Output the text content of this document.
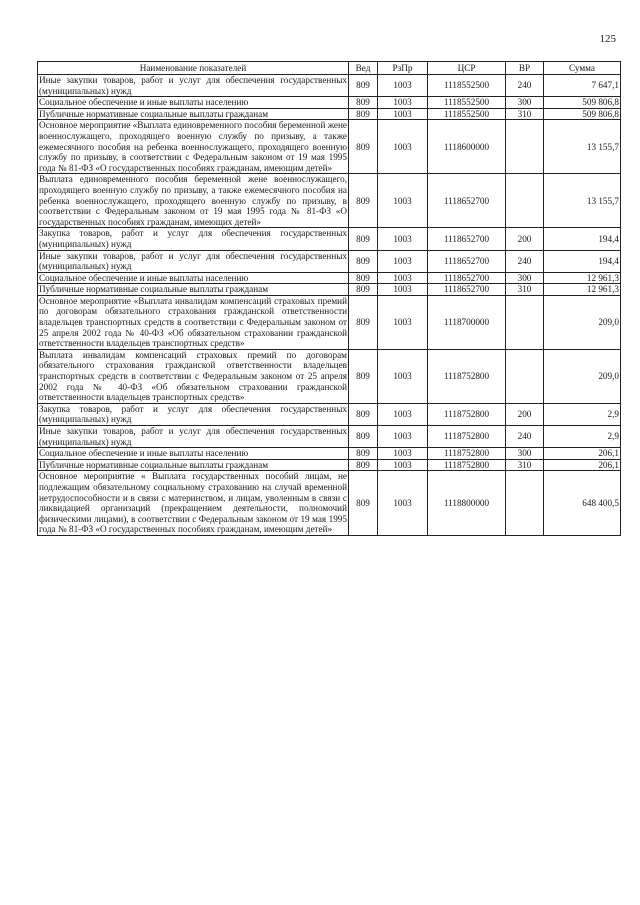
125
Наименование показателей	Вед	РзПр	ЦСР	ВР	Сумма
Иные закупки товаров, работ и услуг для обеспечения государственных (муниципальных) нужд	809	1003	1118552500	240	7 647,1
Социальное обеспечение и иные выплаты населению	809	1003	1118552500	300	509 806,8
Публичные нормативные социальные выплаты гражданам	809	1003	1118552500	310	509 806,8
Основное мероприятие «Выплата единовременного пособия беременной жене военнослужащего, проходящего военную службу по призыву, а также ежемесячного пособия на ребенка военнослужащего, проходящего военную службу по призыву, в соответствии с Федеральным законом от 19 мая 1995 года № 81-ФЗ «О государственных пособиях гражданам, имеющим детей»	809	1003	1118600000		13 155,7
Выплата единовременного пособия беременной жене военнослужащего, проходящего военную службу по призыву, а также ежемесячного пособия на ребенка военнослужащего, проходящего военную службу по призыву, в соответствии с Федеральным законом от 19 мая 1995 года № 81-ФЗ «О государственных пособиях гражданам, имеющих детей»	809	1003	1118652700		13 155,7
Закупка товаров, работ и услуг для обеспечения государственных (муниципальных) нужд	809	1003	1118652700	200	194,4
Иные закупки товаров, работ и услуг для обеспечения государственных (муниципальных) нужд	809	1003	1118652700	240	194,4
Социальное обеспечение и иные выплаты населению	809	1003	1118652700	300	12 961,3
Публичные нормативные социальные выплаты гражданам	809	1003	1118652700	310	12 961,3
Основное мероприятие «Выплата инвалидам компенсаций страховых премий по договорам обязательного страхования гражданской ответственности владельцев транспортных средств в соответствии с Федеральным законом от 25 апреля 2002 года № 40-ФЗ «Об обязательном страховании гражданской ответственности владельцев транспортных средств»	809	1003	1118700000		209,0
Выплата инвалидам компенсаций страховых премий по договорам обязательного страхования гражданской ответственности владельцев транспортных средств в соответствии с Федеральным законом от 25 апреля 2002 года № 40-ФЗ «Об обязательном страховании гражданской ответственности владельцев транспортных средств»	809	1003	1118752800		209,0
Закупка товаров, работ и услуг для обеспечения государственных (муниципальных) нужд	809	1003	1118752800	200	2,9
Иные закупки товаров, работ и услуг для обеспечения государственных (муниципальных) нужд	809	1003	1118752800	240	2,9
Социальное обеспечение и иные выплаты населению	809	1003	1118752800	300	206,1
Публичные нормативные социальные выплаты гражданам	809	1003	1118752800	310	206,1
Основное мероприятие « Выплата государственных пособий лицам, не подлежащим обязательному социальному страхованию на случай временной нетрудоспособности и в связи с материнством, и лицам, уволенным в связи с ликвидацией организаций (прекращением деятельности, полномочий физическими лицами), в соответствии с Федеральным законом от 19 мая 1995 года № 81-ФЗ «О государственных пособиях гражданам, имеющим детей»	809	1003	1118800000		648 400,5
